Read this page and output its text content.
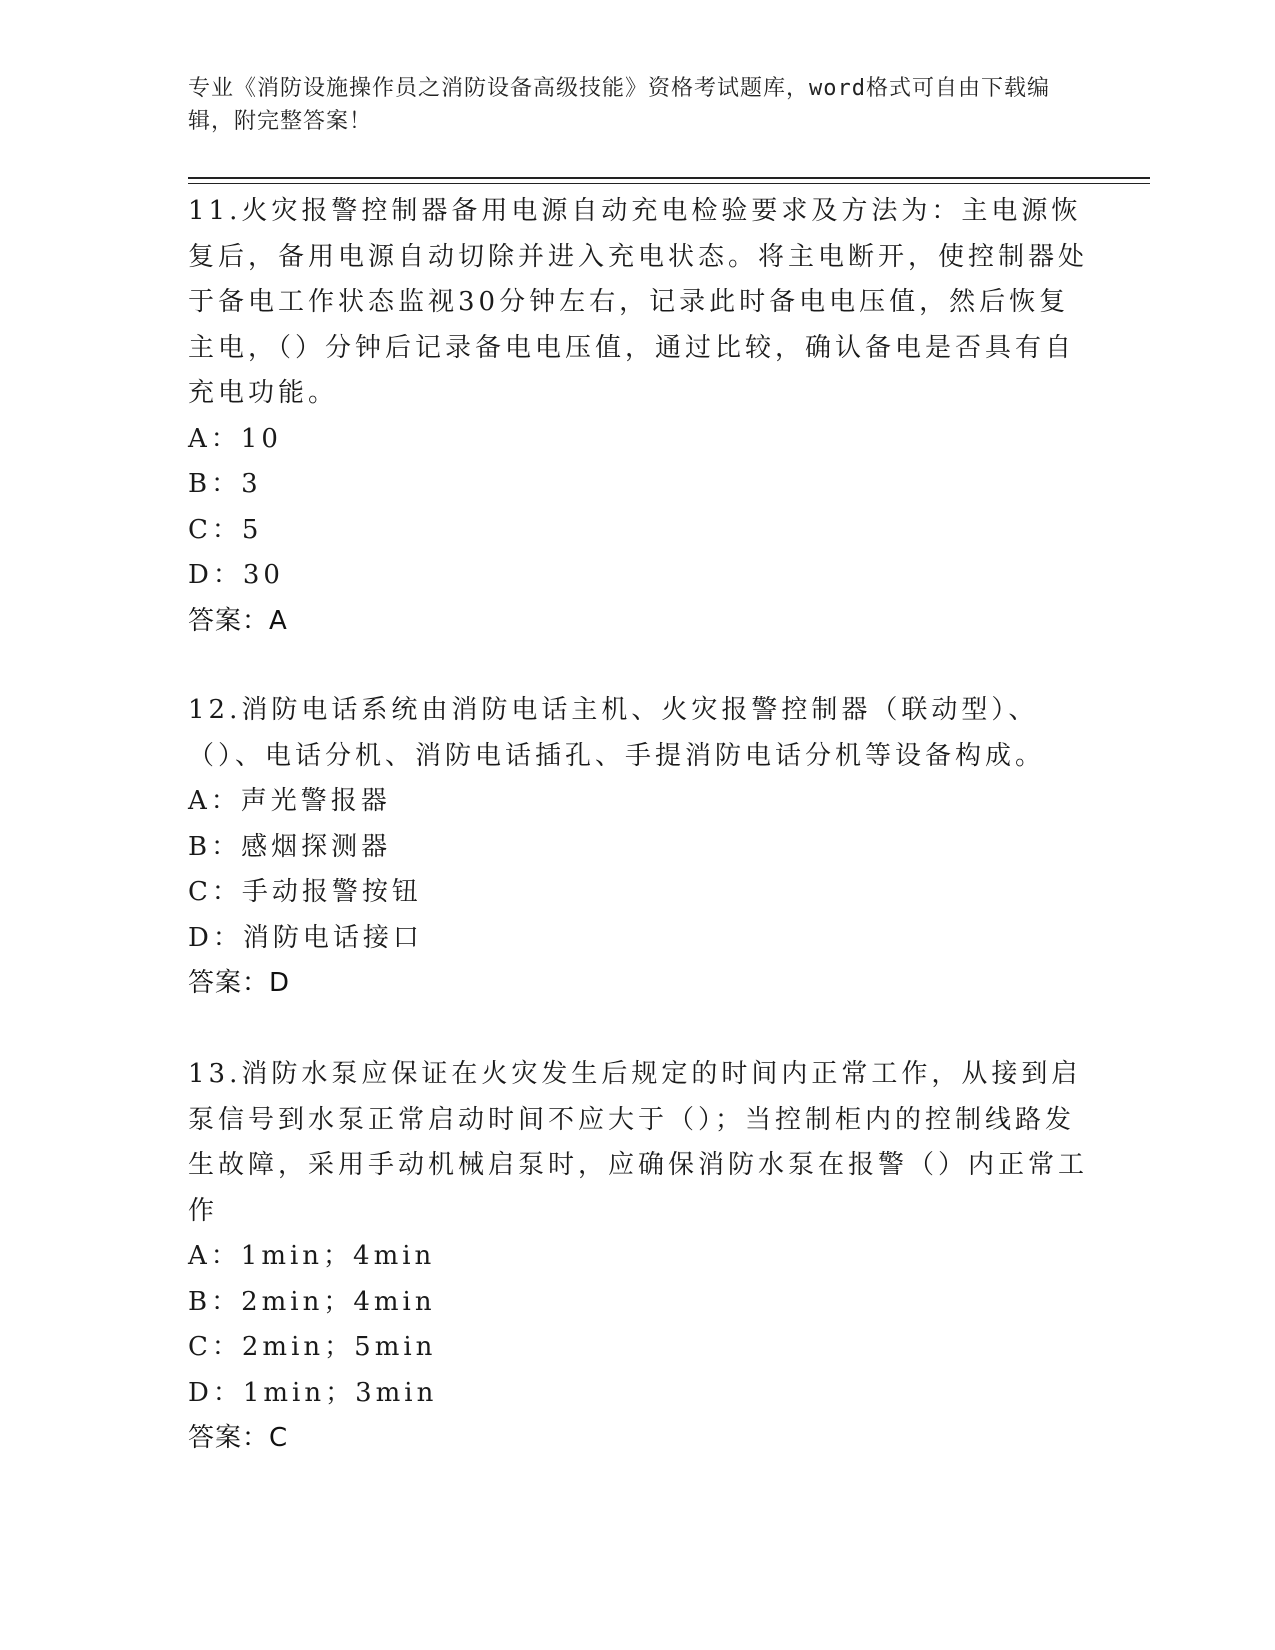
专业《消防设施操作员之消防设备高级技能》资格考试题库，word格式可自由下载编辑，附完整答案！

11.火灾报警控制器备用电源自动充电检验要求及方法为：主电源恢复后，备用电源自动切除并进入充电状态。将主电断开，使控制器处于备电工作状态监视30分钟左右，记录此时备电电压值，然后恢复主电，（）分钟后记录备电电压值，通过比较，确认备电是否具有自充电功能。

A：10
B：3
C：5
D：30
答案：A

12.消防电话系统由消防电话主机、火灾报警控制器（联动型）、（）、电话分机、消防电话插孔、手提消防电话分机等设备构成。

A：声光警报器
B：感烟探测器
C：手动报警按钮
D：消防电话接口
答案：D

13.消防水泵应保证在火灾发生后规定的时间内正常工作，从接到启泵信号到水泵正常启动时间不应大于（）；当控制柜内的控制线路发生故障，采用手动机械启泵时，应确保消防水泵在报警（）内正常工作

A：1min；4min
B：2min；4min
C：2min；5min
D：1min；3min
答案：C
